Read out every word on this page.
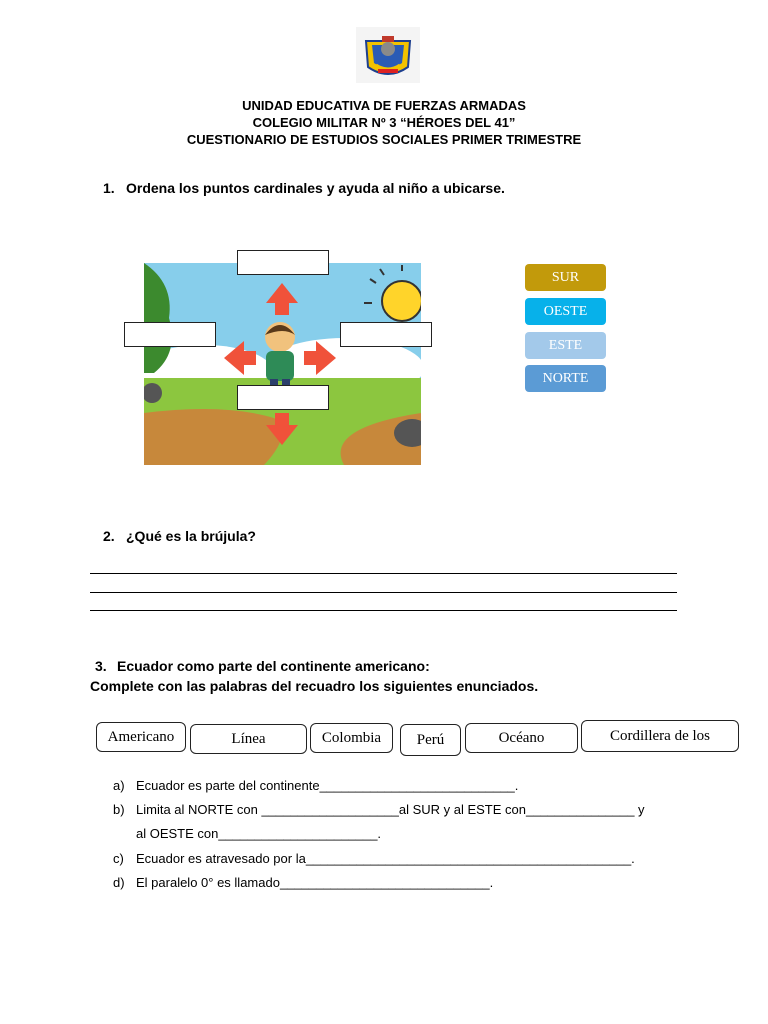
UNIDAD EDUCATIVA DE FUERZAS ARMADAS
COLEGIO MILITAR Nº 3 “HÉROES DEL 41”
CUESTIONARIO DE ESTUDIOS SOCIALES PRIMER TRIMESTRE
1. Ordena los puntos cardinales y ayuda al niño a ubicarse.
SUR
OESTE
ESTE
NORTE
2. ¿Qué es la brújula?
3. Ecuador como parte del continente americano:
Complete con las palabras del recuadro los siguientes enunciados.
Americano	Línea	Colombia	Perú	Océano	Cordillera de los
a) Ecuador es parte del continente___________________________.
b) Limita al NORTE con ___________________al SUR y al ESTE con_______________ y
al OESTE con______________________.
c) Ecuador es atravesado por la_____________________________________________.
d) El paralelo 0° es llamado_____________________________.
